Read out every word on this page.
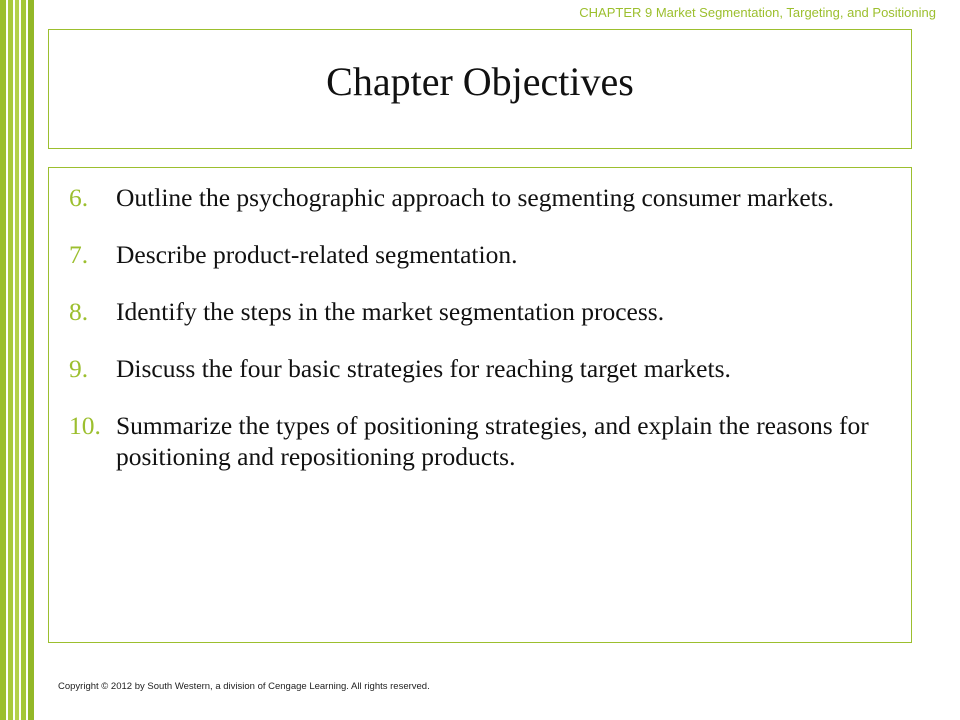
CHAPTER 9 Market Segmentation, Targeting, and Positioning
Chapter Objectives
6. Outline the psychographic approach to segmenting consumer markets.
7. Describe product-related segmentation.
8. Identify the steps in the market segmentation process.
9. Discuss the four basic strategies for reaching target markets.
10. Summarize the types of positioning strategies, and explain the reasons for positioning and repositioning products.
Copyright © 2012 by South Western, a division of Cengage Learning. All rights reserved.
